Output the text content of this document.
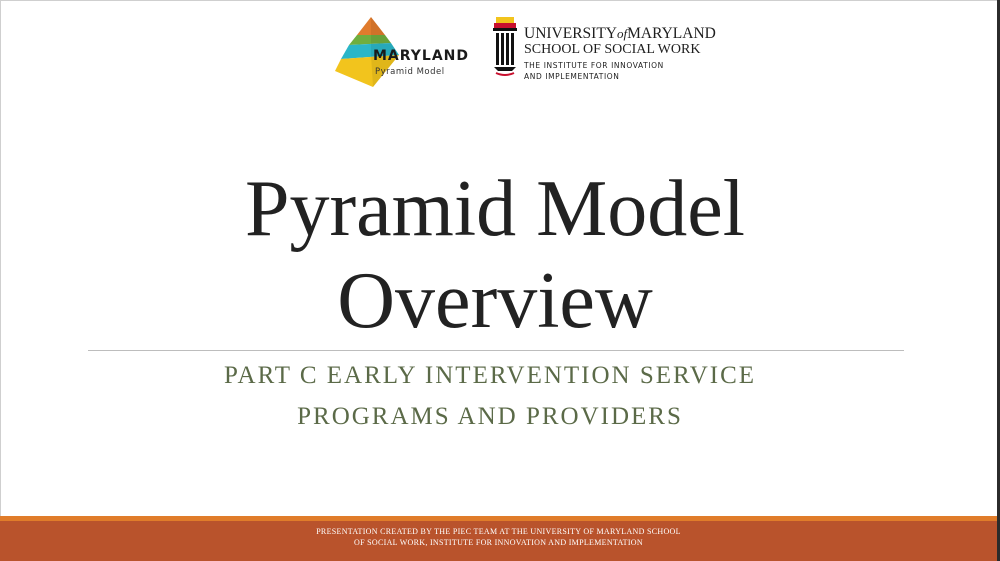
MARYLAND
Pyramid Model
UNIVERSITYofMARYLAND
SCHOOL OF SOCIAL WORK
THE INSTITUTE FOR INNOVATION
AND IMPLEMENTATION
Pyramid Model
Overview
PART C EARLY INTERVENTION SERVICE
PROGRAMS AND PROVIDERS
PRESENTATION CREATED BY THE PIEC TEAM AT THE UNIVERSITY OF MARYLAND SCHOOL
OF SOCIAL WORK, INSTITUTE FOR INNOVATION AND IMPLEMENTATION
